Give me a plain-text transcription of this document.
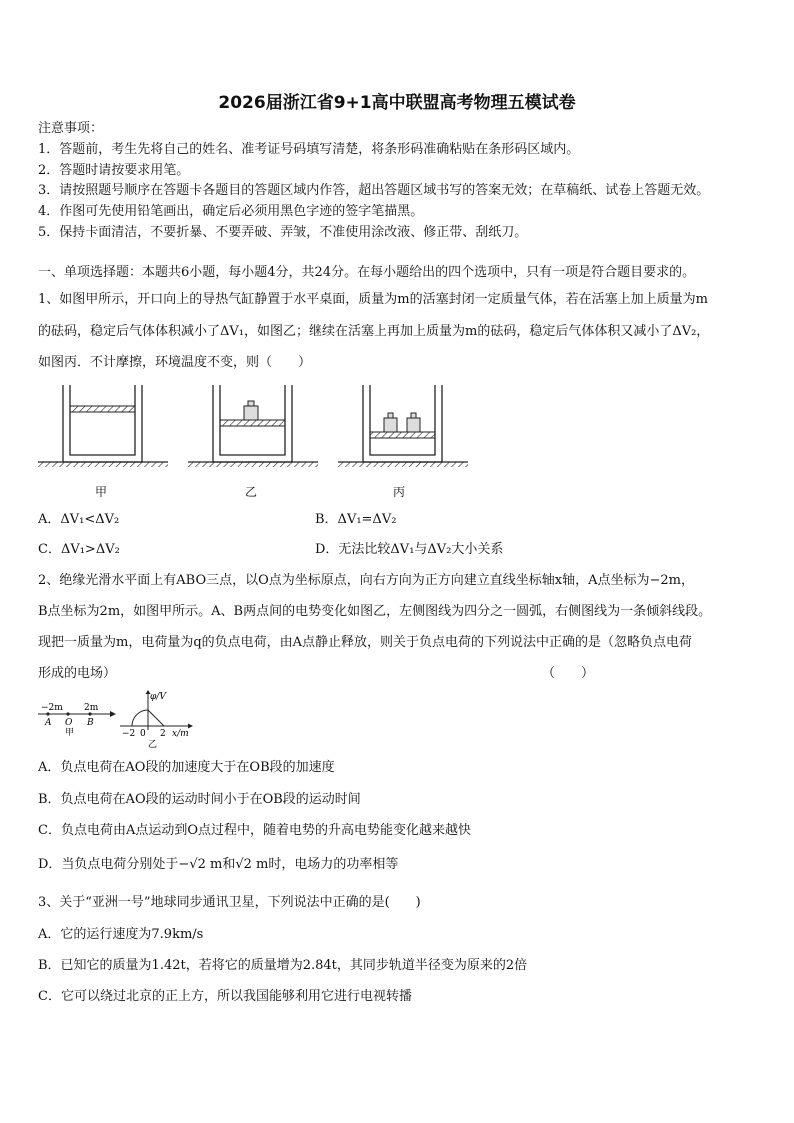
2026届浙江省9+1高中联盟高考物理五模试卷
注意事项：
1．答题前，考生先将自己的姓名、准考证号码填写清楚，将条形码准确粘贴在条形码区域内。
2．答题时请按要求用笔。
3．请按照题号顺序在答题卡各题目的答题区域内作答，超出答题区域书写的答案无效；在草稿纸、试卷上答题无效。
4．作图可先使用铅笔画出，确定后必须用黑色字迹的签字笔描黑。
5．保持卡面清洁，不要折暴、不要弄破、弄皱，不准使用涂改液、修正带、刮纸刀。
一、单项选择题：本题共6小题，每小题4分，共24分。在每小题给出的四个选项中，只有一项是符合题目要求的。
1、如图甲所示，开口向上的导热气缸静置于水平桌面，质量为m的活塞封闭一定质量气体，若在活塞上加上质量为m
的砝码，稳定后气体体积减小了ΔV₁，如图乙；继续在活塞上再加上质量为m的砝码，稳定后气体体积又减小了ΔV₂，
如图丙．不计摩擦，环境温度不变，则（　　）
甲	乙	丙
A．ΔV₁<ΔV₂	B．ΔV₁=ΔV₂
C．ΔV₁>ΔV₂	D．无法比较ΔV₁与ΔV₂大小关系
2、绝缘光滑水平面上有ABO三点，以O点为坐标原点，向右方向为正方向建立直线坐标轴x轴，A点坐标为−2m，
B点坐标为2m，如图甲所示。A、B两点间的电势变化如图乙，左侧图线为四分之一圆弧，右侧图线为一条倾斜线段。
现把一质量为m，电荷量为q的负点电荷，由A点静止释放，则关于负点电荷的下列说法中正确的是（忽略负点电荷
形成的电场）	（　　）
−2m 2m
A O B
甲
φ/V
−2 0 2 x/m
乙
A．负点电荷在AO段的加速度大于在OB段的加速度
B．负点电荷在AO段的运动时间小于在OB段的运动时间
C．负点电荷由A点运动到O点过程中，随着电势的升高电势能变化越来越快
D．当负点电荷分别处于−√2 m和√2 m时，电场力的功率相等
3、关于“亚洲一号”地球同步通讯卫星，下列说法中正确的是(　　)
A．它的运行速度为7.9km/s
B．已知它的质量为1.42t，若将它的质量增为2.84t，其同步轨道半径变为原来的2倍
C．它可以绕过北京的正上方，所以我国能够利用它进行电视转播
